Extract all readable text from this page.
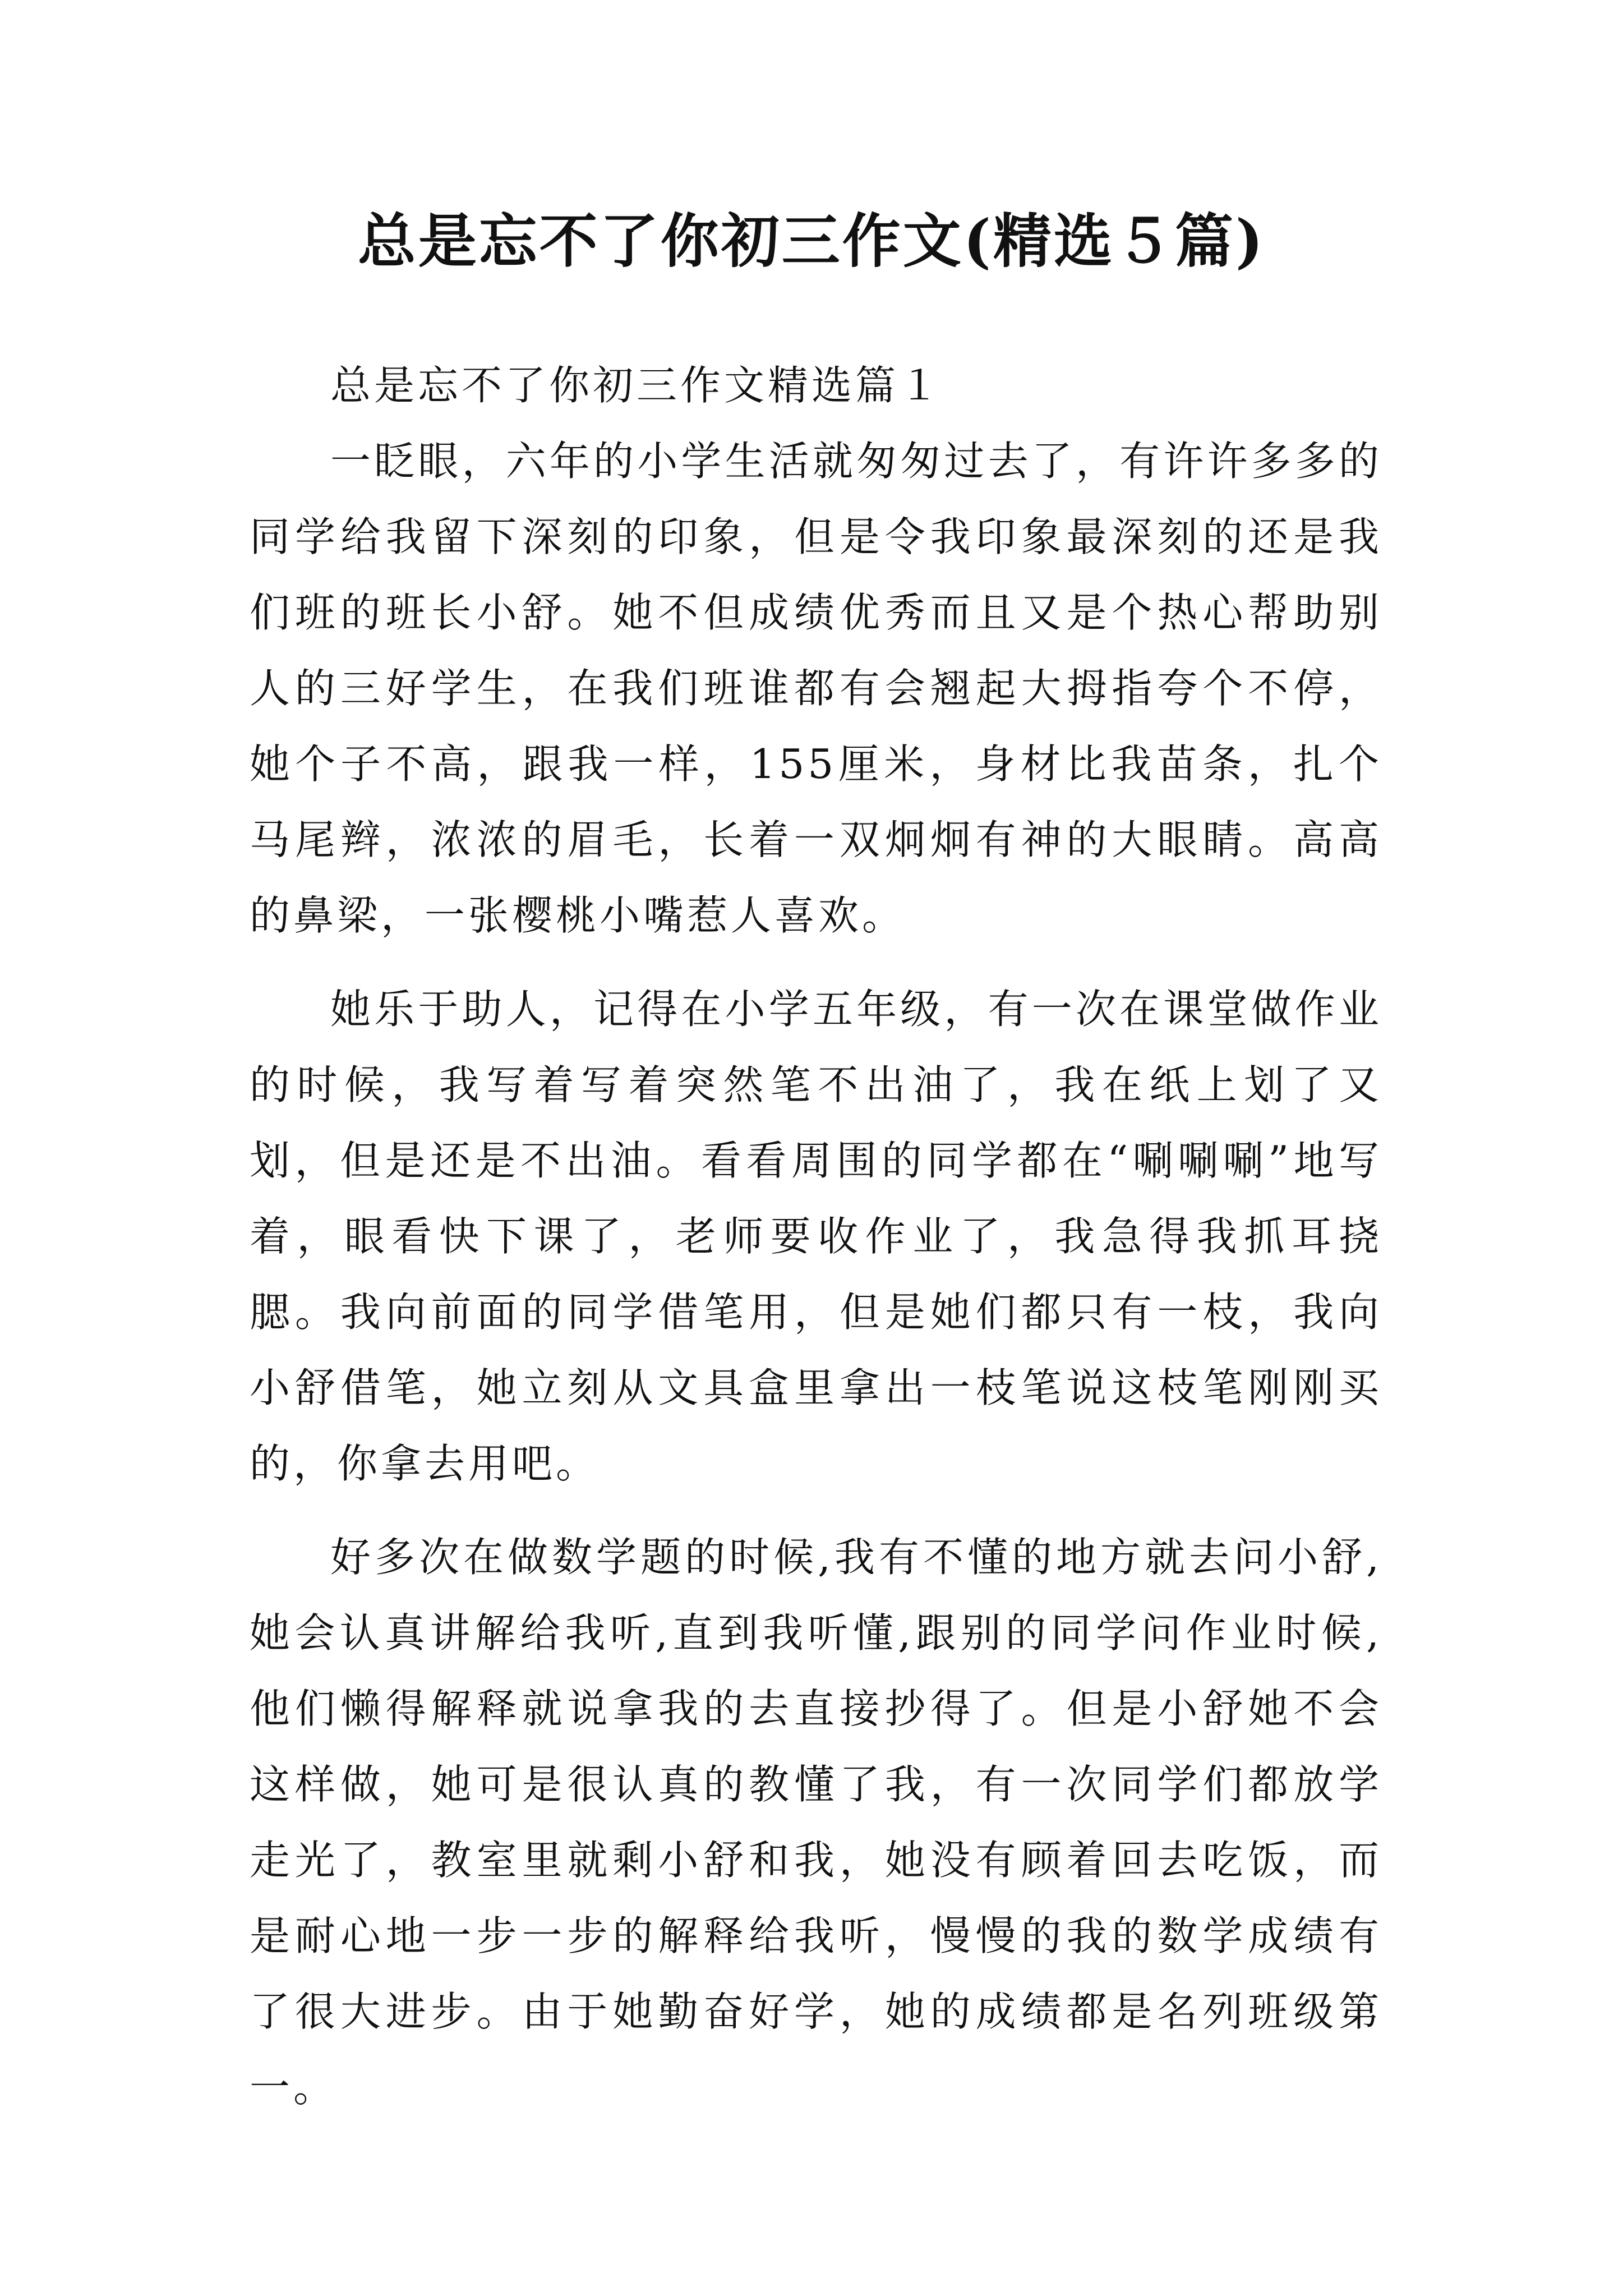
总是忘不了你初三作文(精选５篇)

总是忘不了你初三作文精选篇１

一眨眼，六年的小学生活就匆匆过去了，有许许多多的同学给我留下深刻的印象，但是令我印象最深刻的还是我们班的班长小舒。她不但成绩优秀而且又是个热心帮助别人的三好学生，在我们班谁都有会翘起大拇指夸个不停，她个子不高，跟我一样，155厘米，身材比我苗条，扎个马尾辫，浓浓的眉毛，长着一双炯炯有神的大眼睛。高高的鼻梁，一张樱桃小嘴惹人喜欢。

她乐于助人，记得在小学五年级，有一次在课堂做作业的时候，我写着写着突然笔不出油了，我在纸上划了又划，但是还是不出油。看看周围的同学都在“唰唰唰”地写着，眼看快下课了，老师要收作业了，我急得我抓耳挠腮。我向前面的同学借笔用，但是她们都只有一枝，我向小舒借笔，她立刻从文具盒里拿出一枝笔说这枝笔刚刚买的，你拿去用吧。

好多次在做数学题的时候,我有不懂的地方就去问小舒,她会认真讲解给我听,直到我听懂,跟别的同学问作业时候,他们懒得解释就说拿我的去直接抄得了。但是小舒她不会这样做，她可是很认真的教懂了我，有一次同学们都放学走光了，教室里就剩小舒和我，她没有顾着回去吃饭，而是耐心地一步一步的解释给我听，慢慢的我的数学成绩有了很大进步。由于她勤奋好学，她的成绩都是名列班级第一。
